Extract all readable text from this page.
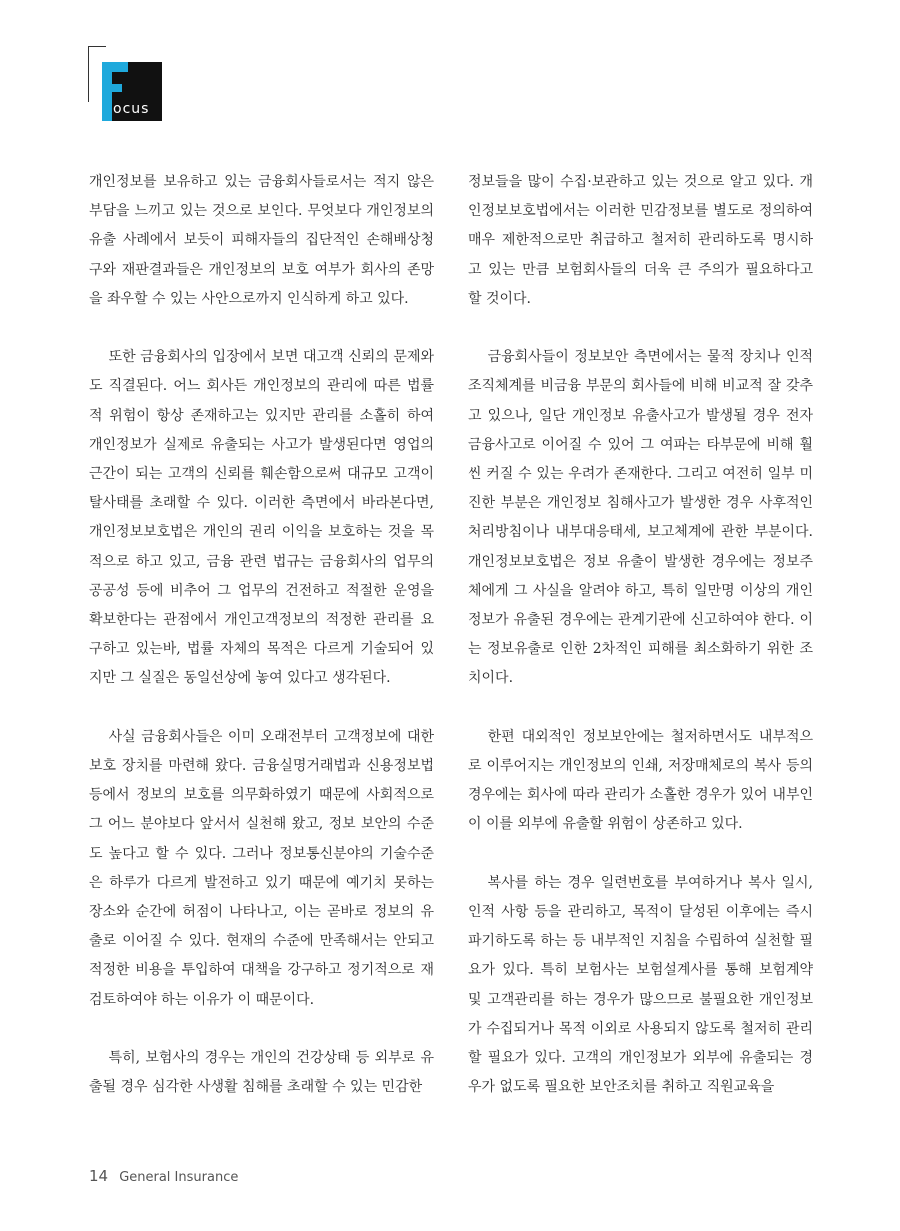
ocus

개인정보를 보유하고 있는 금융회사들로서는 적지 않은 부담을 느끼고 있는 것으로 보인다. 무엇보다 개인정보의 유출 사례에서 보듯이 피해자들의 집단적인 손해배상청구와 재판결과들은 개인정보의 보호 여부가 회사의 존망을 좌우할 수 있는 사안으로까지 인식하게 하고 있다.

또한 금융회사의 입장에서 보면 대고객 신뢰의 문제와도 직결된다. 어느 회사든 개인정보의 관리에 따른 법률적 위험이 항상 존재하고는 있지만 관리를 소홀히 하여 개인정보가 실제로 유출되는 사고가 발생된다면 영업의 근간이 되는 고객의 신뢰를 훼손함으로써 대규모 고객이탈사태를 초래할 수 있다. 이러한 측면에서 바라본다면, 개인정보보호법은 개인의 권리 이익을 보호하는 것을 목적으로 하고 있고, 금융 관련 법규는 금융회사의 업무의 공공성 등에 비추어 그 업무의 건전하고 적절한 운영을 확보한다는 관점에서 개인고객정보의 적정한 관리를 요구하고 있는바, 법률 자체의 목적은 다르게 기술되어 있지만 그 실질은 동일선상에 놓여 있다고 생각된다.

사실 금융회사들은 이미 오래전부터 고객정보에 대한 보호 장치를 마련해 왔다. 금융실명거래법과 신용정보법 등에서 정보의 보호를 의무화하였기 때문에 사회적으로 그 어느 분야보다 앞서서 실천해 왔고, 정보 보안의 수준도 높다고 할 수 있다. 그러나 정보통신분야의 기술수준은 하루가 다르게 발전하고 있기 때문에 예기치 못하는 장소와 순간에 허점이 나타나고, 이는 곧바로 정보의 유출로 이어질 수 있다. 현재의 수준에 만족해서는 안되고 적정한 비용을 투입하여 대책을 강구하고 정기적으로 재검토하여야 하는 이유가 이 때문이다.

특히, 보험사의 경우는 개인의 건강상태 등 외부로 유출될 경우 심각한 사생활 침해를 초래할 수 있는 민감한

정보들을 많이 수집·보관하고 있는 것으로 알고 있다. 개인정보보호법에서는 이러한 민감정보를 별도로 정의하여 매우 제한적으로만 취급하고 철저히 관리하도록 명시하고 있는 만큼 보험회사들의 더욱 큰 주의가 필요하다고 할 것이다.

금융회사들이 정보보안 측면에서는 물적 장치나 인적 조직체계를 비금융 부문의 회사들에 비해 비교적 잘 갖추고 있으나, 일단 개인정보 유출사고가 발생될 경우 전자금융사고로 이어질 수 있어 그 여파는 타부문에 비해 훨씬 커질 수 있는 우려가 존재한다. 그리고 여전히 일부 미진한 부분은 개인정보 침해사고가 발생한 경우 사후적인 처리방침이나 내부대응태세, 보고체계에 관한 부분이다. 개인정보보호법은 정보 유출이 발생한 경우에는 정보주체에게 그 사실을 알려야 하고, 특히 일만명 이상의 개인정보가 유출된 경우에는 관계기관에 신고하여야 한다. 이는 정보유출로 인한 2차적인 피해를 최소화하기 위한 조치이다.

한편 대외적인 정보보안에는 철저하면서도 내부적으로 이루어지는 개인정보의 인쇄, 저장매체로의 복사 등의 경우에는 회사에 따라 관리가 소홀한 경우가 있어 내부인이 이를 외부에 유출할 위험이 상존하고 있다.

복사를 하는 경우 일련번호를 부여하거나 복사 일시, 인적 사항 등을 관리하고, 목적이 달성된 이후에는 즉시 파기하도록 하는 등 내부적인 지침을 수립하여 실천할 필요가 있다. 특히 보험사는 보험설계사를 통해 보험계약 및 고객관리를 하는 경우가 많으므로 불필요한 개인정보가 수집되거나 목적 이외로 사용되지 않도록 철저히 관리할 필요가 있다. 고객의 개인정보가 외부에 유출되는 경우가 없도록 필요한 보안조치를 취하고 직원교육을

14 General Insurance
